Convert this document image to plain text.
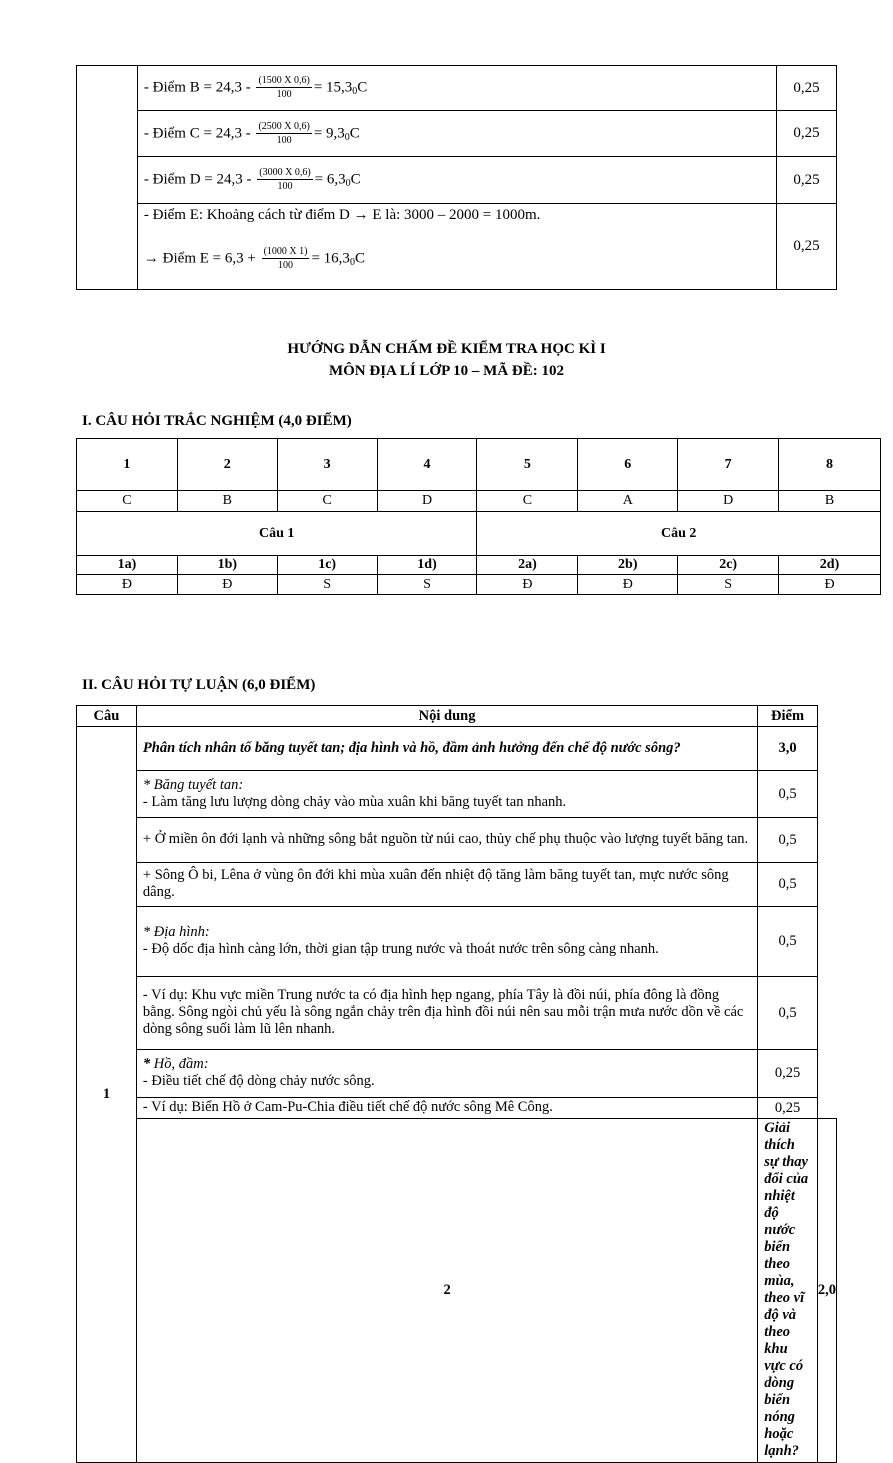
	- Điểm $B = 24,3 - \frac{(1500 X 0,6)}{100} = 15,3_0C$	0,25
	- Điểm $C = 24,3 - \frac{(2500 X 0,6)}{100} = 9,3_0C$	0,25
	- Điểm $D = 24,3 - \frac{(3000 X 0,6)}{100} = 6,3_0C$	0,25

	- Điểm E: Khoảng cách từ điểm D → E là: 3000 – 2000 = 1000m.
→ Điểm $E = 6,3 + \frac{(1000 X 1)}{100} = 16,3_0C$	0,25
HƯỚNG DẪN CHẤM ĐỀ KIỂM TRA HỌC KÌ I
MÔN ĐỊA LÍ LỚP 10 – MÃ ĐỀ: 102
I. CÂU HỎI TRẮC NGHIỆM (4,0 ĐIỂM)
1	2	3	4	5	6	7	8
C	B	C	D	C	A	D	B
Câu 1				Câu 2			
1a)	1b)	1c)	1d)	2a)	2b)	2c)	2d)
Đ	Đ	S	S	Đ	Đ	S	Đ
II. CÂU HỎI TỰ LUẬN (6,0 ĐIỂM)
Câu	Nội dung	Điểm	
1	Phân tích nhân tố băng tuyết tan; địa hình và hồ, đầm ảnh hưởng đến chế độ nước sông?	3,0	

	* Băng tuyết tan:
- Làm tăng lưu lượng dòng chảy vào mùa xuân khi băng tuyết tan nhanh.	0,5	
	+ Ở miền ôn đới lạnh và những sông bắt nguồn từ núi cao, thủy chế phụ thuộc vào lượng tuyết băng tan.	0,5	
	+ Sông Ô bi, Lêna ở vùng ôn đới khi mùa xuân đến nhiệt độ tăng làm băng tuyết tan, mực nước sông dâng.	0,5	

	* Địa hình:
- Độ dốc địa hình càng lớn, thời gian tập trung nước và thoát nước trên sông càng nhanh.	0,5	
	- Ví dụ: Khu vực miền Trung nước ta có địa hình hẹp ngang, phía Tây là đồi núi, phía đông là đồng bằng. Sông ngòi chủ yếu là sông ngắn chảy trên địa hình đồi núi nên sau mỗi trận mưa nước dồn về các dòng sông suối làm lũ lên nhanh.	0,5	

	* Hồ, đầm:
- Điều tiết chế độ dòng chảy nước sông.	0,25	
	- Ví dụ: Biển Hồ ở Cam-Pu-Chia điều tiết chế độ nước sông Mê Công.	0,25	
	2	Giải thích sự thay đổi của nhiệt độ nước biển theo mùa, theo vĩ độ và theo khu vực có dòng biển nóng hoặc lạnh?	2,0
